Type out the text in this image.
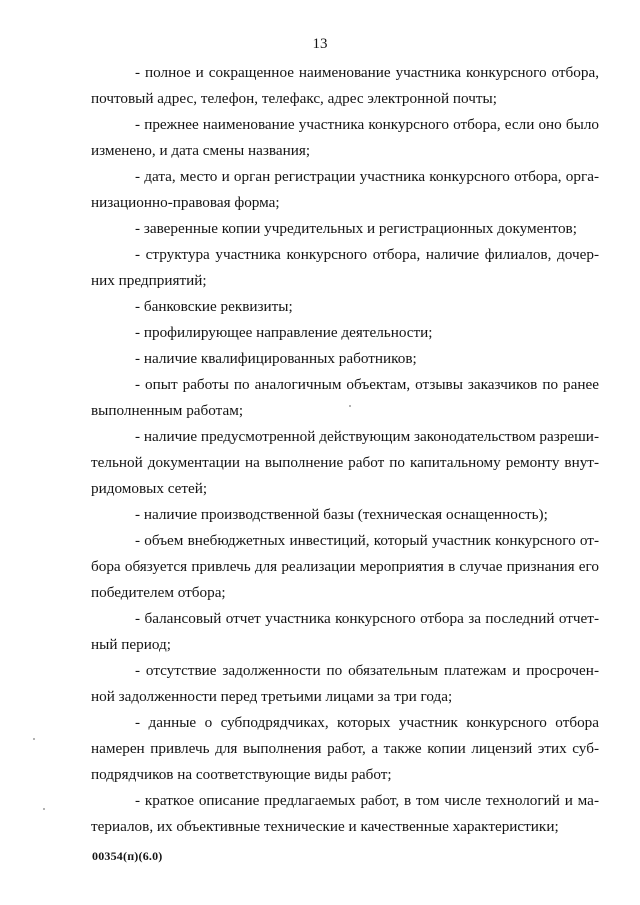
13

- полное и сокращенное наименование участника конкурсного отбора, почтовый адрес, телефон, телефакс, адрес электронной почты;

- прежнее наименование участника конкурсного отбора, если оно было изменено, и дата смены названия;

- дата, место и орган регистрации участника конкурсного отбора, организационно-правовая форма;

- заверенные копии учредительных и регистрационных документов;

- структура участника конкурсного отбора, наличие филиалов, дочерних предприятий;

- банковские реквизиты;

- профилирующее направление деятельности;

- наличие квалифицированных работников;

- опыт работы по аналогичным объектам, отзывы заказчиков по ранее выполненным работам;

- наличие предусмотренной действующим законодательством разрешительной документации на выполнение работ по капитальному ремонту внутридомовых сетей;

- наличие производственной базы (техническая оснащенность);

- объем внебюджетных инвестиций, который участник конкурсного отбора обязуется привлечь для реализации мероприятия в случае признания его победителем отбора;

- балансовый отчет участника конкурсного отбора за последний отчетный период;

- отсутствие задолженности по обязательным платежам и просроченной задолженности перед третьими лицами за три года;

- данные о субподрядчиках, которых участник конкурсного отбора намерен привлечь для выполнения работ, а также копии лицензий этих субподрядчиков на соответствующие виды работ;

- краткое описание предлагаемых работ, в том числе технологий и материалов, их объективные технические и качественные характеристики;

00354(п)(6.0)
